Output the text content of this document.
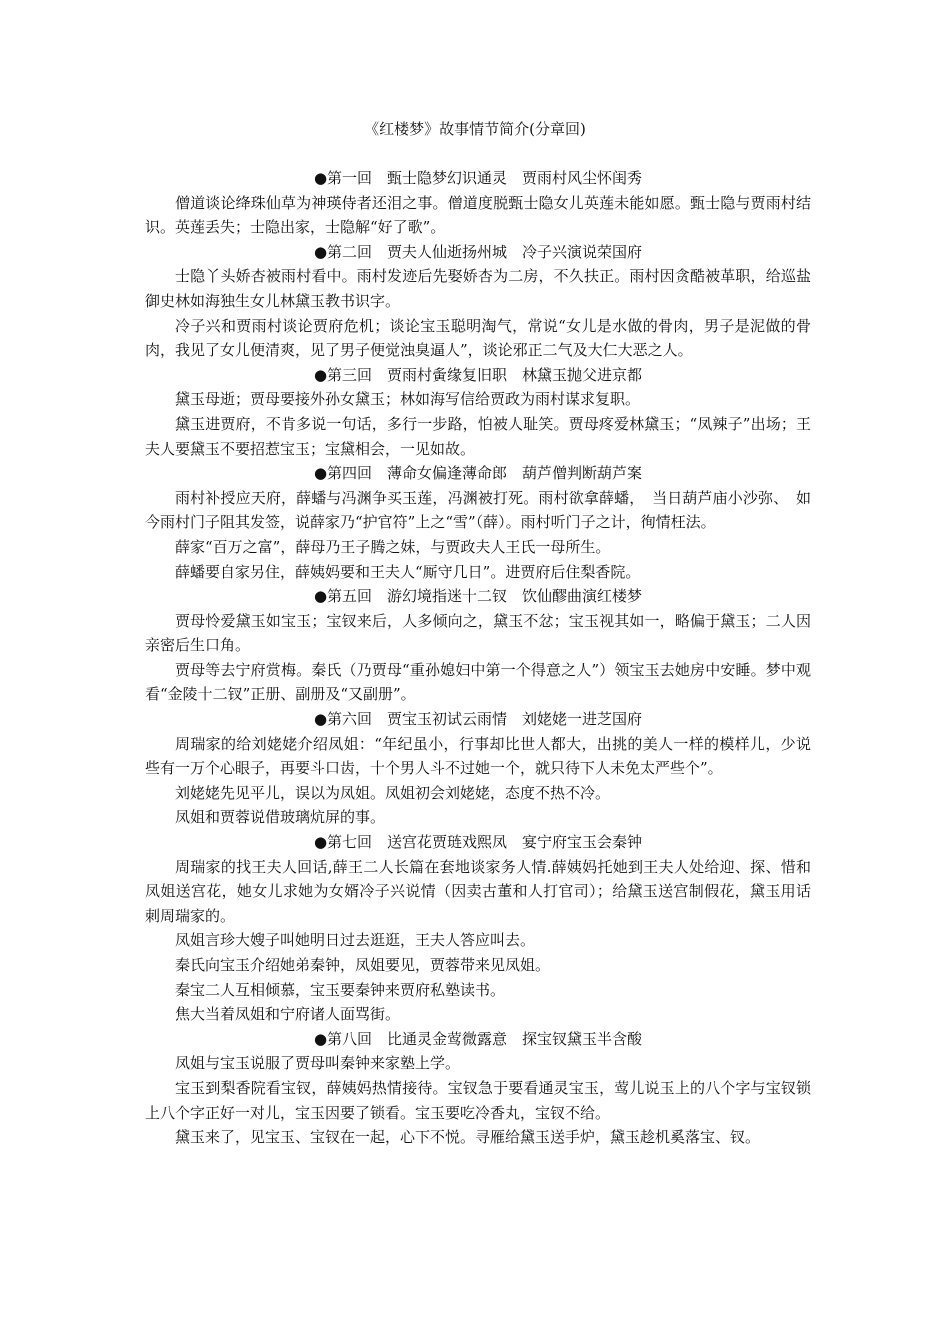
《红楼梦》故事情节简介(分章回)

●第一回　甄士隐梦幻识通灵　贾雨村风尘怀闺秀

僧道谈论绛珠仙草为神瑛侍者还泪之事。僧道度脱甄士隐女儿英莲未能如愿。甄士隐与贾雨村结识。英莲丢失；士隐出家，士隐解“好了歌”。

●第二回　贾夫人仙逝扬州城　冷子兴演说荣国府

士隐丫头娇杏被雨村看中。雨村发迹后先娶娇杏为二房，不久扶正。雨村因贪酷被革职，给巡盐御史林如海独生女儿林黛玉教书识字。

冷子兴和贾雨村谈论贾府危机；谈论宝玉聪明淘气，常说“女儿是水做的骨肉，男子是泥做的骨肉，我见了女儿便清爽，见了男子便觉浊臭逼人”，谈论邪正二气及大仁大恶之人。

●第三回　贾雨村夤缘复旧职　林黛玉抛父进京都

黛玉母逝；贾母要接外孙女黛玉；林如海写信给贾政为雨村谋求复职。

黛玉进贾府，不肯多说一句话，多行一步路，怕被人耻笑。贾母疼爱林黛玉；“凤辣子”出场；王夫人要黛玉不要招惹宝玉；宝黛相会，一见如故。

●第四回　薄命女偏逢薄命郎　葫芦僧判断葫芦案

雨村补授应天府，薛蟠与冯渊争买玉莲，冯渊被打死。雨村欲拿薛蟠，　当日葫芦庙小沙弥、　如今雨村门子阻其发签，说薛家乃“护官符”上之“雪”（薛）。雨村听门子之计，徇情枉法。

薛家“百万之富”，薛母乃王子腾之妹，与贾政夫人王氏一母所生。

薛蟠要自家另住，薛姨妈要和王夫人“厮守几日”。进贾府后住梨香院。

●第五回　游幻境指迷十二钗　饮仙醪曲演红楼梦

贾母怜爱黛玉如宝玉；宝钗来后，人多倾向之，黛玉不忿；宝玉视其如一，略偏于黛玉；二人因亲密后生口角。

贾母等去宁府赏梅。秦氏（乃贾母“重孙媳妇中第一个得意之人”）领宝玉去她房中安睡。梦中观看“金陵十二钗”正册、副册及“又副册”。

●第六回　贾宝玉初试云雨情　刘姥姥一进芝国府

周瑞家的给刘姥姥介绍凤姐：“年纪虽小，行事却比世人都大，出挑的美人一样的模样儿，少说些有一万个心眼子，再要斗口齿，十个男人斗不过她一个，就只待下人未免太严些个”。

刘姥姥先见平儿，误以为凤姐。凤姐初会刘姥姥，态度不热不冷。

凤姐和贾蓉说借玻璃炕屏的事。

●第七回　送宫花贾琏戏熙凤　宴宁府宝玉会秦钟

周瑞家的找王夫人回话,薛王二人长篇在套地谈家务人情.薛姨妈托她到王夫人处给迎、探、惜和凤姐送宫花，她女儿求她为女婿冷子兴说情（因卖古董和人打官司）；给黛玉送宫制假花，黛玉用话刺周瑞家的。

凤姐言珍大嫂子叫她明日过去逛逛，王夫人答应叫去。

秦氏向宝玉介绍她弟秦钟，凤姐要见，贾蓉带来见凤姐。

秦宝二人互相倾慕，宝玉要秦钟来贾府私塾读书。

焦大当着凤姐和宁府诸人面骂街。

●第八回　比通灵金莺微露意　探宝钗黛玉半含酸

凤姐与宝玉说服了贾母叫秦钟来家塾上学。

宝玉到梨香院看宝钗，薛姨妈热情接待。宝钗急于要看通灵宝玉，莺儿说玉上的八个字与宝钗锁上八个字正好一对儿，宝玉因要了锁看。宝玉要吃冷香丸，宝钗不给。

黛玉来了，见宝玉、宝钗在一起，心下不悦。寻雁给黛玉送手炉，黛玉趁机奚落宝、钗。
